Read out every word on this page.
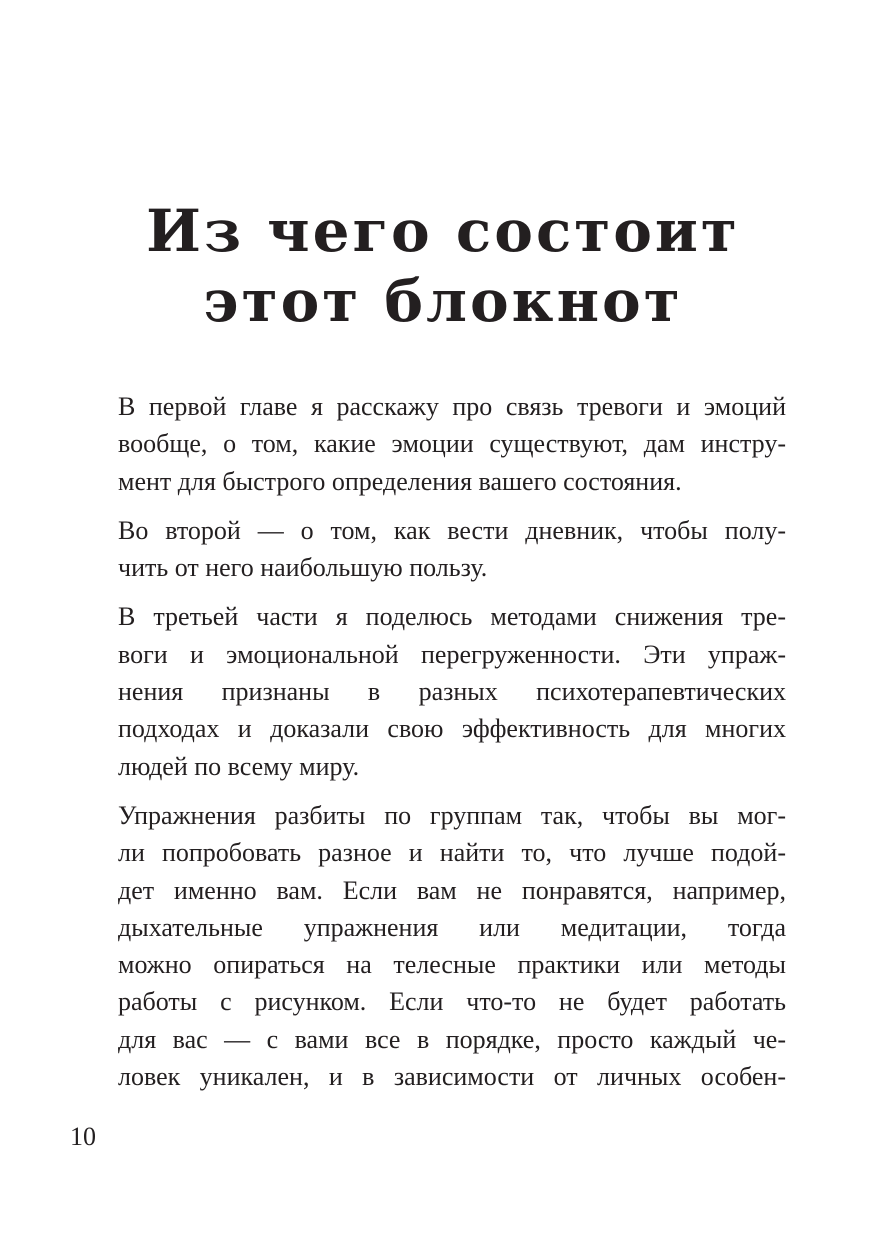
Из чего состоит
этот блокнот
В первой главе я расскажу про связь тревоги и эмоций
вообще, о том, какие эмоции существуют, дам инстру-
мент для быстрого определения вашего состояния.
Во второй — о том, как вести дневник, чтобы полу-
чить от него наибольшую пользу.
В третьей части я поделюсь методами снижения тре-
воги и эмоциональной перегруженности. Эти упраж-
нения признаны в разных психотерапевтических
подходах и доказали свою эффективность для многих
людей по всему миру.
Упражнения разбиты по группам так, чтобы вы мог-
ли попробовать разное и найти то, что лучше подой-
дет именно вам. Если вам не понравятся, например,
дыхательные упражнения или медитации, тогда
можно опираться на телесные практики или методы
работы с рисунком. Если что-то не будет работать
для вас — с вами все в порядке, просто каждый че-
ловек уникален, и в зависимости от личных особен-
10
